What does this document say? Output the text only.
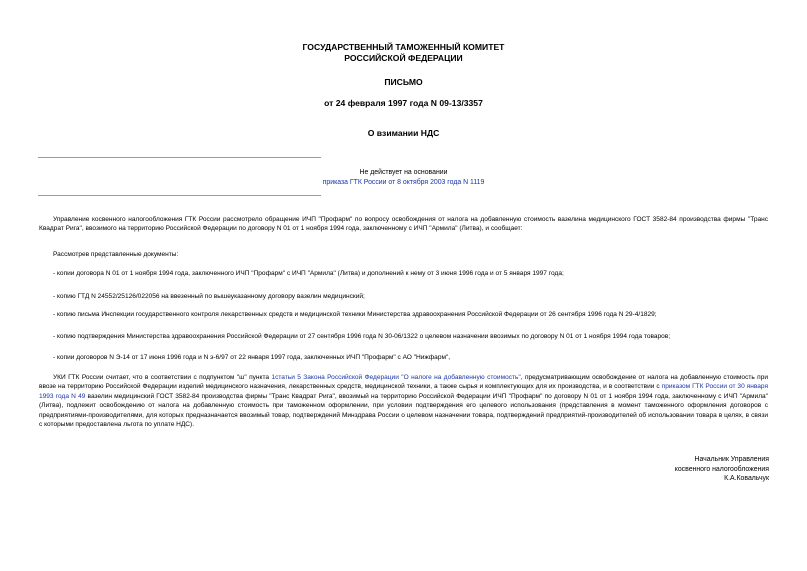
ГОСУДАРСТВЕННЫЙ ТАМОЖЕННЫЙ КОМИТЕТ
РОССИЙСКОЙ ФЕДЕРАЦИИ
ПИСЬМО
от 24 февраля 1997 года N 09-13/3357
О взимании НДС
Не действует на основании
приказа ГТК России от 8 октября 2003 года N 1119

Управление косвенного налогообложения ГТК России рассмотрело обращение ИЧП "Профарм" по вопросу освобождения от налога на добавленную стоимость вазелина медицинского ГОСТ 3582-84 производства фирмы "Транс Квадрат Рига", ввозимого на территорию Российской Федерации по договору N 01 от 1 ноября 1994 года, заключенному с ИЧП "Армила" (Литва), и сообщает:

Рассмотрев представленные документы:
- копии договора N 01 от 1 ноября 1994 года, заключенного ИЧП "Профарм" с ИЧП "Армила" (Литва) и дополнений к нему от 3 июня 1996 года и от 5 января 1997 года;
- копию ГТД N 24552/25126/022056 на ввезенный по вышеуказанному договору вазелин медицинский;
- копию письма Инспекции государственного контроля лекарственных средств и медицинской техники Министерства здравоохранения Российской Федерации от 26 сентября 1996 года N 29-4/1829;
- копию подтверждения Министерства здравоохранения Российской Федерации от 27 сентября 1996 года N 30-06/1322 о целевом назначении ввозимых по договору N 01 от 1 ноября 1994 года товаров;
- копии договоров N Э-14 от 17 июня 1996 года и N э-6/97 от 22 января 1997 года, заключенных ИЧП "Профарм" с АО "Нижфарм",

УКИ ГТК России считает, что в соответствии с подпунктом "ш" пункта 1статьи 5 Закона Российской Федерации "О налоге на добавленную стоимость", предусматривающим освобождение от налога на добавленную стоимость при ввозе на территорию Российской Федерации изделий медицинского назначения, лекарственных средств, медицинской техники, а также сырья и комплектующих для их производства, и в соответствии с приказом ГТК России от 30 января 1993 года N 49 вазелин медицинский ГОСТ 3582-84 производства фирмы "Транс Квадрат Рига", ввозимый на территорию Российской Федерации ИЧП "Профарм" по договору N 01 от 1 ноября 1994 года, заключенному с ИЧП "Армила" (Литва), подлежит освобождению от налога на добавленную стоимость при таможенном оформлении, при условии подтверждения его целевого использования (представления в момент таможенного оформления договоров с предприятиями-производителями, для которых предназначается ввозимый товар, подтверждений Минздрава России о целевом назначении товара, подтверждений предприятий-производителей об использовании товара в целях, в связи с которыми предоставлена льгота по уплате НДС).

Начальник Управления
косвенного налогообложения
К.А.Ковальчук
